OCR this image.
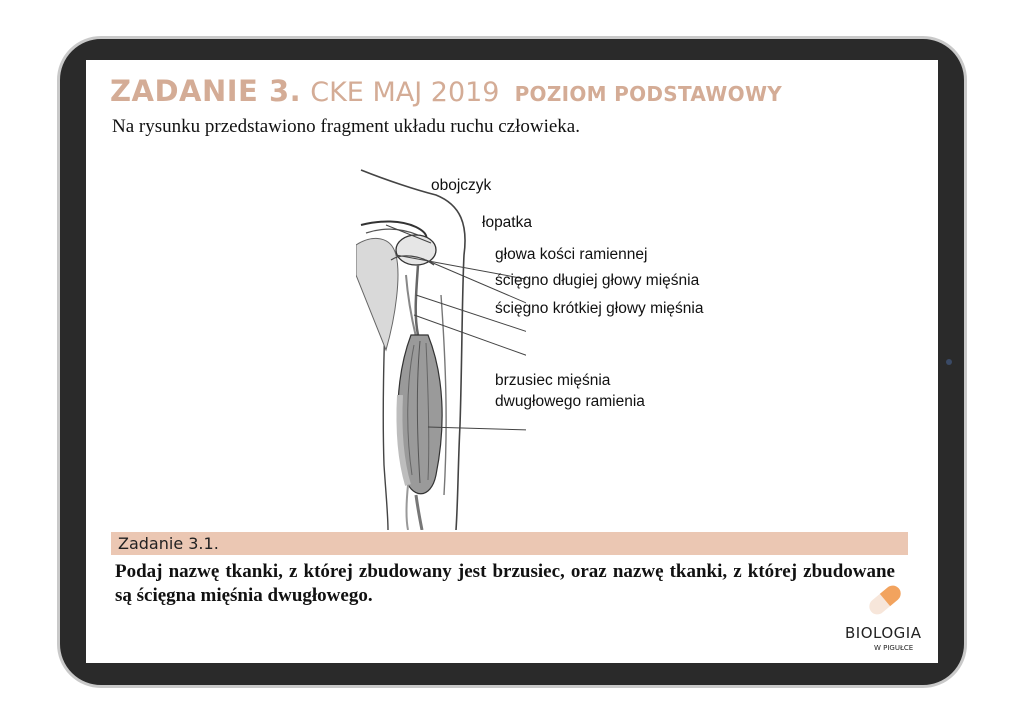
ZADANIE 3. CKE MAJ 2019 POZIOM PODSTAWOWY
Na rysunku przedstawiono fragment układu ruchu człowieka.
obojczyk
łopatka
głowa kości ramiennej
ścięgno długiej głowy mięśnia
ścięgno krótkiej głowy mięśnia
brzusiec mięśnia
dwugłowego ramienia
Zadanie 3.1.
Podaj nazwę tkanki, z której zbudowany jest brzusiec, oraz nazwę tkanki, z której zbudowane są ścięgna mięśnia dwugłowego.
BIOLOGIA
W PIGUŁCE
